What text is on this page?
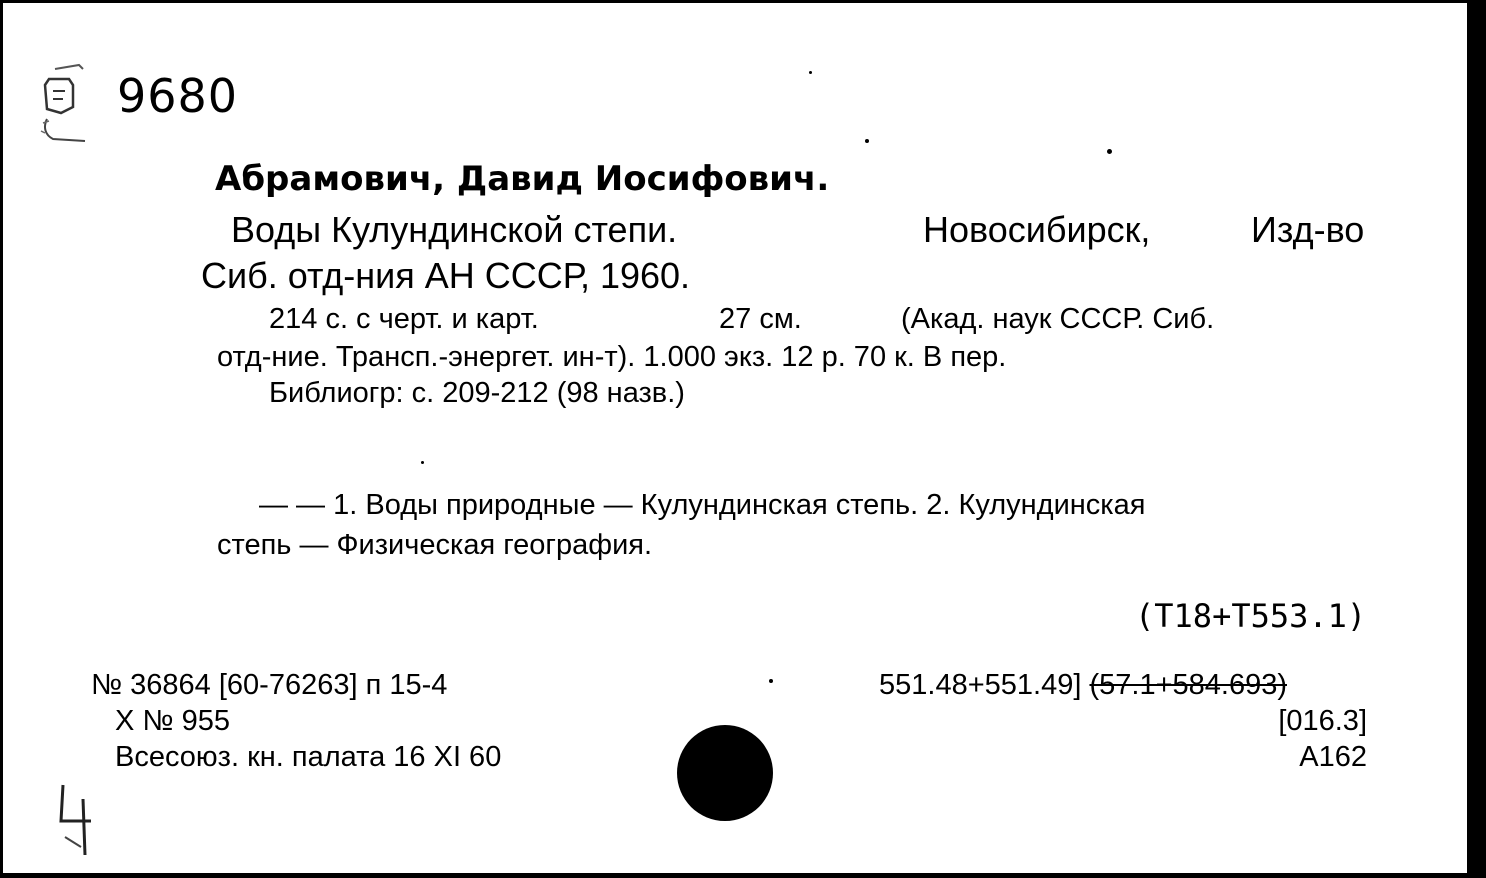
9680
Абрамович, Давид Иосифович.
Воды Кулундинской степи.	Новосибирск,	Изд-во
Сиб. отд-ния АН СССР, 1960.
214 с. с черт. и карт.	27 см.	(Акад. наук СССР. Сиб.
отд-ние. Трансп.-энергет. ин-т). 1.000 экз. 12 р. 70 к. В пер.
Библиогр: с. 209-212 (98 назв.)
— — 1. Воды природные — Кулундинская степь. 2. Кулундинская
степь — Физическая география.
(Т18+Т553.1)
№ 36864 [60-76263] п 15-4
X № 955
Всесоюз. кн. палата 16 XI 60
551.48+551.49] (57.1+584.693)
[016.3]
A162
